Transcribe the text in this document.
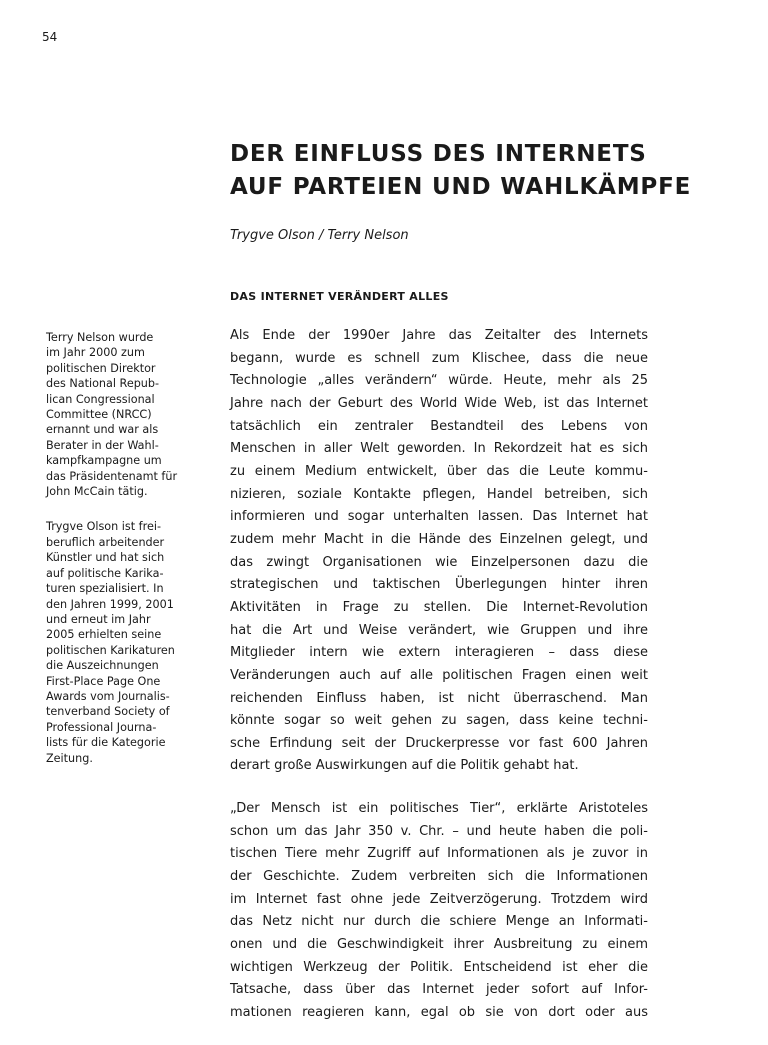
54
DER EINFLUSS DES INTERNETS
AUF PARTEIEN UND WAHLKÄMPFE
Trygve Olson / Terry Nelson
DAS INTERNET VERÄNDERT ALLES

Terry Nelson wurde
im Jahr 2000 zum
politischen Direktor
des National Repub-
lican Congressional
Committee (NRCC)
ernannt und war als
Berater in der Wahl-
kampfkampagne um
das Präsidentenamt für
John McCain tätig.

Trygve Olson ist frei-
beruflich arbeitender
Künstler und hat sich
auf politische Karika-
turen spezialisiert. In
den Jahren 1999, 2001
und erneut im Jahr
2005 erhielten seine
politischen Karikaturen
die Auszeichnungen
First-Place Page One
Awards vom Journalis-
tenverband Society of
Professional Journa-
lists für die Kategorie
Zeitung.

Als Ende der 1990er Jahre das Zeitalter des Internets
begann, wurde es schnell zum Klischee, dass die neue
Technologie „alles verändern“ würde. Heute, mehr als 25
Jahre nach der Geburt des World Wide Web, ist das Internet
tatsächlich ein zentraler Bestandteil des Lebens von
Menschen in aller Welt geworden. In Rekordzeit hat es sich
zu einem Medium entwickelt, über das die Leute kommu-
nizieren, soziale Kontakte pflegen, Handel betreiben, sich
informieren und sogar unterhalten lassen. Das Internet hat
zudem mehr Macht in die Hände des Einzelnen gelegt, und
das zwingt Organisationen wie Einzelpersonen dazu die
strategischen und taktischen Überlegungen hinter ihren
Aktivitäten in Frage zu stellen. Die Internet-Revolution
hat die Art und Weise verändert, wie Gruppen und ihre
Mitglieder intern wie extern interagieren – dass diese
Veränderungen auch auf alle politischen Fragen einen weit
reichenden Einfluss haben, ist nicht überraschend. Man
könnte sogar so weit gehen zu sagen, dass keine techni-
sche Erfindung seit der Druckerpresse vor fast 600 Jahren
derart große Auswirkungen auf die Politik gehabt hat.

„Der Mensch ist ein politisches Tier“, erklärte Aristoteles
schon um das Jahr 350 v. Chr. – und heute haben die poli-
tischen Tiere mehr Zugriff auf Informationen als je zuvor in
der Geschichte. Zudem verbreiten sich die Informationen
im Internet fast ohne jede Zeitverzögerung. Trotzdem wird
das Netz nicht nur durch die schiere Menge an Informati-
onen und die Geschwindigkeit ihrer Ausbreitung zu einem
wichtigen Werkzeug der Politik. Entscheidend ist eher die
Tatsache, dass über das Internet jeder sofort auf Infor-
mationen reagieren kann, egal ob sie von dort oder aus
